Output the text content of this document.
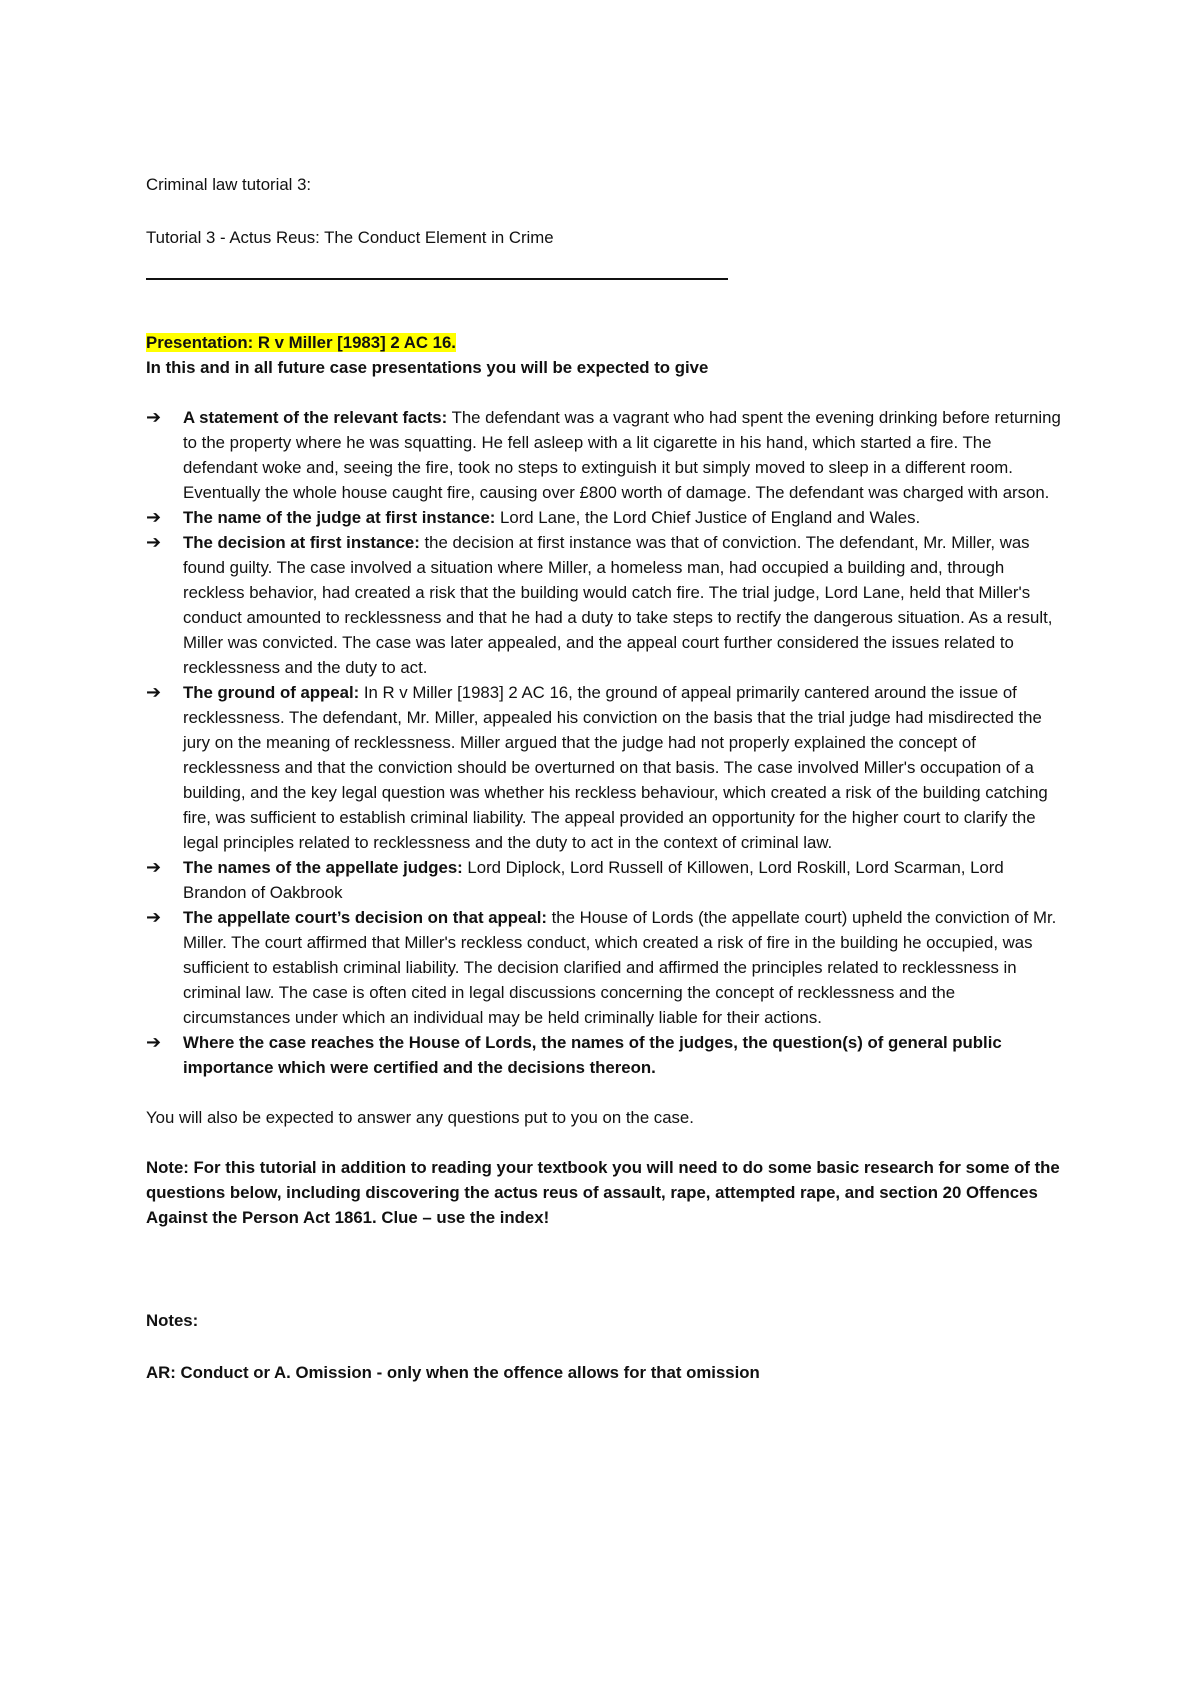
Criminal law tutorial 3:

Tutorial 3 - Actus Reus: The Conduct Element in Crime

Presentation: R v Miller [1983] 2 AC 16.

In this and in all future case presentations you will be expected to give

➔ A statement of the relevant facts: The defendant was a vagrant who had spent the evening drinking before returning to the property where he was squatting. He fell asleep with a lit cigarette in his hand, which started a fire. The defendant woke and, seeing the fire, took no steps to extinguish it but simply moved to sleep in a different room. Eventually the whole house caught fire, causing over £800 worth of damage. The defendant was charged with arson.
➔ The name of the judge at first instance: Lord Lane, the Lord Chief Justice of England and Wales.
➔ The decision at first instance: the decision at first instance was that of conviction. The defendant, Mr. Miller, was found guilty. The case involved a situation where Miller, a homeless man, had occupied a building and, through reckless behavior, had created a risk that the building would catch fire. The trial judge, Lord Lane, held that Miller's conduct amounted to recklessness and that he had a duty to take steps to rectify the dangerous situation. As a result, Miller was convicted. The case was later appealed, and the appeal court further considered the issues related to recklessness and the duty to act.
➔ The ground of appeal: In R v Miller [1983] 2 AC 16, the ground of appeal primarily cantered around the issue of recklessness. The defendant, Mr. Miller, appealed his conviction on the basis that the trial judge had misdirected the jury on the meaning of recklessness. Miller argued that the judge had not properly explained the concept of recklessness and that the conviction should be overturned on that basis. The case involved Miller's occupation of a building, and the key legal question was whether his reckless behaviour, which created a risk of the building catching fire, was sufficient to establish criminal liability. The appeal provided an opportunity for the higher court to clarify the legal principles related to recklessness and the duty to act in the context of criminal law.
➔ The names of the appellate judges: Lord Diplock, Lord Russell of Killowen, Lord Roskill, Lord Scarman, Lord Brandon of Oakbrook
➔ The appellate court’s decision on that appeal: the House of Lords (the appellate court) upheld the conviction of Mr. Miller. The court affirmed that Miller's reckless conduct, which created a risk of fire in the building he occupied, was sufficient to establish criminal liability. The decision clarified and affirmed the principles related to recklessness in criminal law. The case is often cited in legal discussions concerning the concept of recklessness and the circumstances under which an individual may be held criminally liable for their actions.
➔ Where the case reaches the House of Lords, the names of the judges, the question(s) of general public importance which were certified and the decisions thereon.

You will also be expected to answer any questions put to you on the case.

Note: For this tutorial in addition to reading your textbook you will need to do some basic research for some of the questions below, including discovering the actus reus of assault, rape, attempted rape, and section 20 Offences Against the Person Act 1861. Clue – use the index!

Notes:

AR: Conduct or A. Omission - only when the offence allows for that omission
